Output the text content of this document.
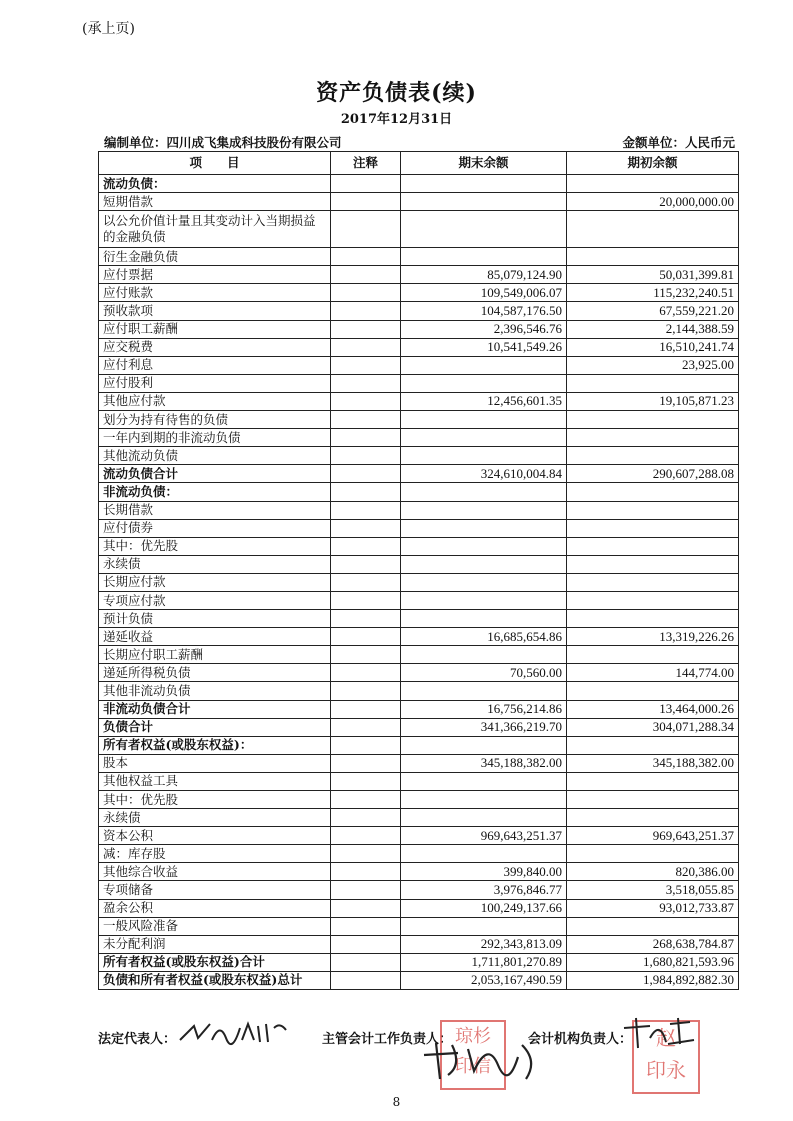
(承上页)
资产负债表(续)
2017年12月31日
编制单位：四川成飞集成科技股份有限公司	金额单位：人民币元
项　　目	注释	期末余额	期初余额
流动负债：			
短期借款			20,000,000.00
以公允价值计量且其变动计入当期损益的金融负债			
衍生金融负债			
应付票据		85,079,124.90	50,031,399.81
应付账款		109,549,006.07	115,232,240.51
预收款项		104,587,176.50	67,559,221.20
应付职工薪酬		2,396,546.76	2,144,388.59
应交税费		10,541,549.26	16,510,241.74
应付利息			23,925.00
应付股利			
其他应付款		12,456,601.35	19,105,871.23
划分为持有待售的负债			
一年内到期的非流动负债			
其他流动负债			
流动负债合计		324,610,004.84	290,607,288.08
非流动负债：			
长期借款			
应付债券			
其中：优先股			
永续债			
长期应付款			
专项应付款			
预计负债			
递延收益		16,685,654.86	13,319,226.26
长期应付职工薪酬			
递延所得税负债		70,560.00	144,774.00
其他非流动负债			
非流动负债合计		16,756,214.86	13,464,000.26
负债合计		341,366,219.70	304,071,288.34
所有者权益(或股东权益)：			
股本		345,188,382.00	345,188,382.00
其他权益工具			
其中：优先股			
永续债			
资本公积		969,643,251.37	969,643,251.37
减：库存股			
其他综合收益		399,840.00	820,386.00
专项储备		3,976,846.77	3,518,055.85
盈余公积		100,249,137.66	93,012,733.87
一般风险准备			
未分配利润		292,343,813.09	268,638,784.87
所有者权益(或股东权益)合计		1,711,801,270.89	1,680,821,593.96
负债和所有者权益(或股东权益)总计		2,053,167,490.59	1,984,892,882.30
法定代表人：	主管会计工作负责人：	会计机构负责人：
琼杉
印信
赵
印永
8
